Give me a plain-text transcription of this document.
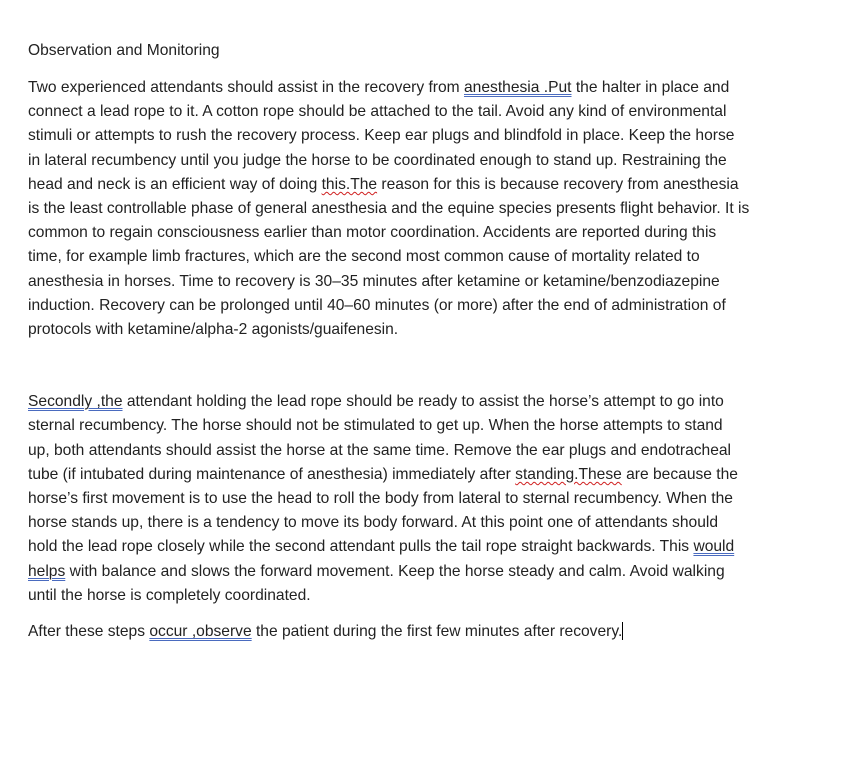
Observation and Monitoring
Two experienced attendants should assist in the recovery from anesthesia .Put the halter in place and
connect a lead rope to it. A cotton rope should be attached to the tail. Avoid any kind of environmental
stimuli or attempts to rush the recovery process. Keep ear plugs and blindfold in place. Keep the horse
in lateral recumbency until you judge the horse to be coordinated enough to stand up. Restraining the
head and neck is an efficient way of doing this.The reason for this is because recovery from anesthesia
is the least controllable phase of general anesthesia and the equine species presents flight behavior. It is
common to regain consciousness earlier than motor coordination. Accidents are reported during this
time, for example limb fractures, which are the second most common cause of mortality related to
anesthesia in horses. Time to recovery is 30–35 minutes after ketamine or ketamine/benzodiazepine
induction. Recovery can be prolonged until 40–60 minutes (or more) after the end of administration of
protocols with ketamine/alpha-2 agonists/guaifenesin.
Secondly ,the attendant holding the lead rope should be ready to assist the horse’s attempt to go into
sternal recumbency. The horse should not be stimulated to get up. When the horse attempts to stand
up, both attendants should assist the horse at the same time. Remove the ear plugs and endotracheal
tube (if intubated during maintenance of anesthesia) immediately after standing.These are because the
horse’s first movement is to use the head to roll the body from lateral to sternal recumbency. When the
horse stands up, there is a tendency to move its body forward. At this point one of attendants should
hold the lead rope closely while the second attendant pulls the tail rope straight backwards. This would
helps with balance and slows the forward movement. Keep the horse steady and calm. Avoid walking
until the horse is completely coordinated.
After these steps occur ,observe the patient during the first few minutes after recovery.
